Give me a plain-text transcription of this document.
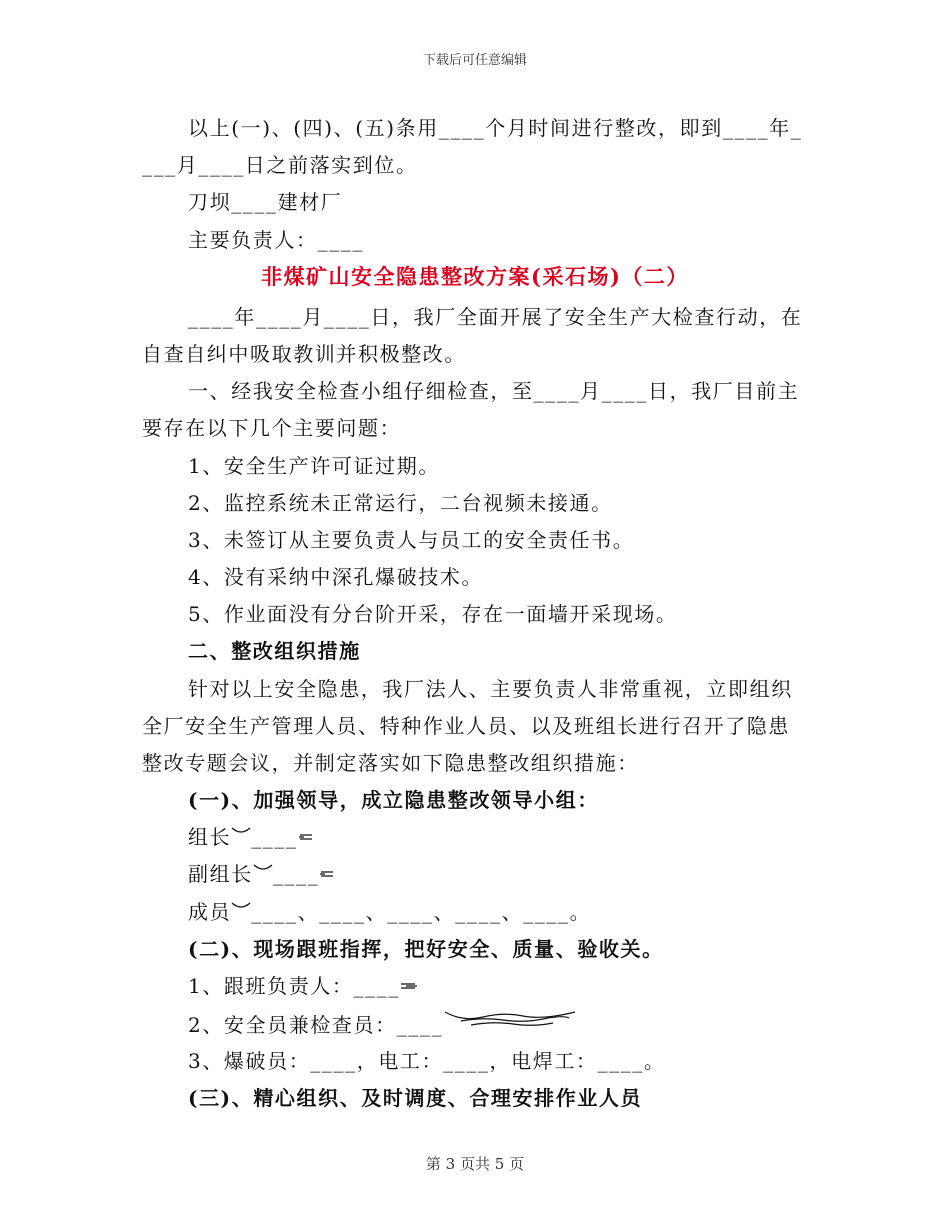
下载后可任意编辑
以上(一)、(四)、(五)条用____个月时间进行整改，即到____年_
___月____日之前落实到位。
刀坝____建材厂
主要负责人：____
非煤矿山安全隐患整改方案(采石场)（二）
____年____月____日，我厂全面开展了安全生产大检查行动，在
自查自纠中吸取教训并积极整改。
一、经我安全检查小组仔细检查，至____月____日，我厂目前主
要存在以下几个主要问题：
1、安全生产许可证过期。
2、监控系统未正常运行，二台视频未接通。
3、未签订从主要负责人与员工的安全责任书。
4、没有采纳中深孔爆破技术。
5、作业面没有分台阶开采，存在一面墙开采现场。
二、整改组织措施
针对以上安全隐患，我厂法人、主要负责人非常重视，立即组织
全厂安全生产管理人员、特种作业人员、以及班组长进行召开了隐患
整改专题会议，并制定落实如下隐患整改组织措施：
(一)、加强领导，成立隐患整改领导小组：
组长 ____
副组长 ____
成员 ____、____、____、____、____。
(二)、现场跟班指挥，把好安全、质量、验收关。
1、跟班负责人：____
2、安全员兼检查员：____
3、爆破员：____，电工：____，电焊工：____。
(三)、精心组织、及时调度、合理安排作业人员
第 3 页共 5 页
